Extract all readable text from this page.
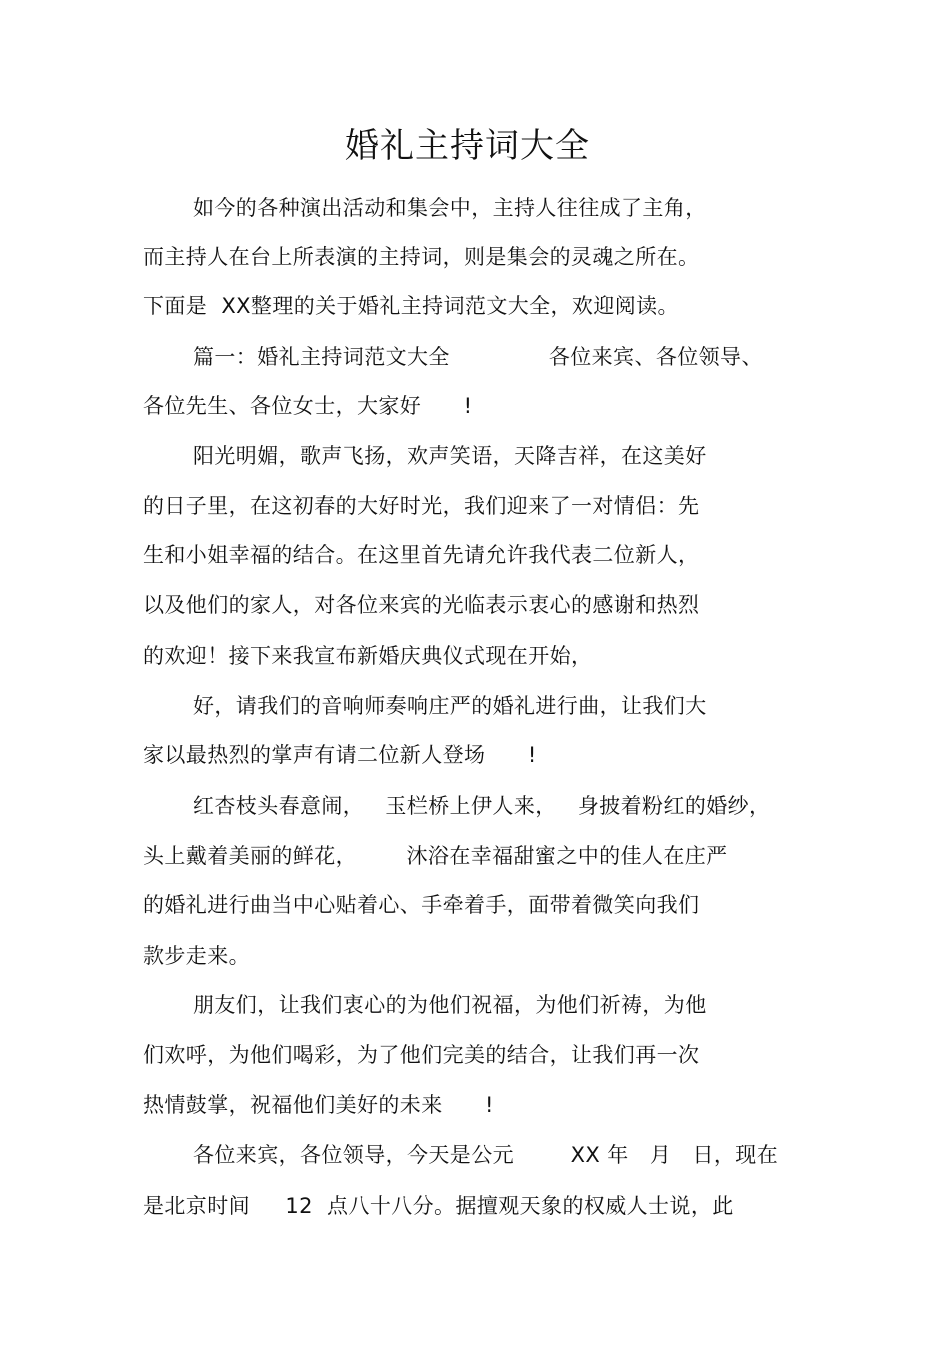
婚礼主持词大全
如今的各种演出活动和集会中，主持人往往成了主角，
而主持人在台上所表演的主持词，则是集会的灵魂之所在。
下面是  XX整理的关于婚礼主持词范文大全，欢迎阅读。
篇一：婚礼主持词范文大全              各位来宾、各位领导、
各位先生、各位女士，大家好      !
阳光明媚，歌声飞扬，欢声笑语，天降吉祥，在这美好
的日子里，在这初春的大好时光，我们迎来了一对情侣：先
生和小姐幸福的结合。在这里首先请允许我代表二位新人，
以及他们的家人，对各位来宾的光临表示衷心的感谢和热烈
的欢迎！接下来我宣布新婚庆典仪式现在开始，
好，请我们的音响师奏响庄严的婚礼进行曲，让我们大
家以最热烈的掌声有请二位新人登场      !
红杏枝头春意闹，   玉栏桥上伊人来，   身披着粉红的婚纱，
头上戴着美丽的鲜花，       沐浴在幸福甜蜜之中的佳人在庄严
的婚礼进行曲当中心贴着心、手牵着手，面带着微笑向我们
款步走来。
朋友们，让我们衷心的为他们祝福，为他们祈祷，为他
们欢呼，为他们喝彩，为了他们完美的结合，让我们再一次
热情鼓掌，祝福他们美好的未来      !
各位来宾，各位领导，今天是公元        XX 年   月   日，现在
是北京时间     12  点八十八分。据擅观天象的权威人士说，此
